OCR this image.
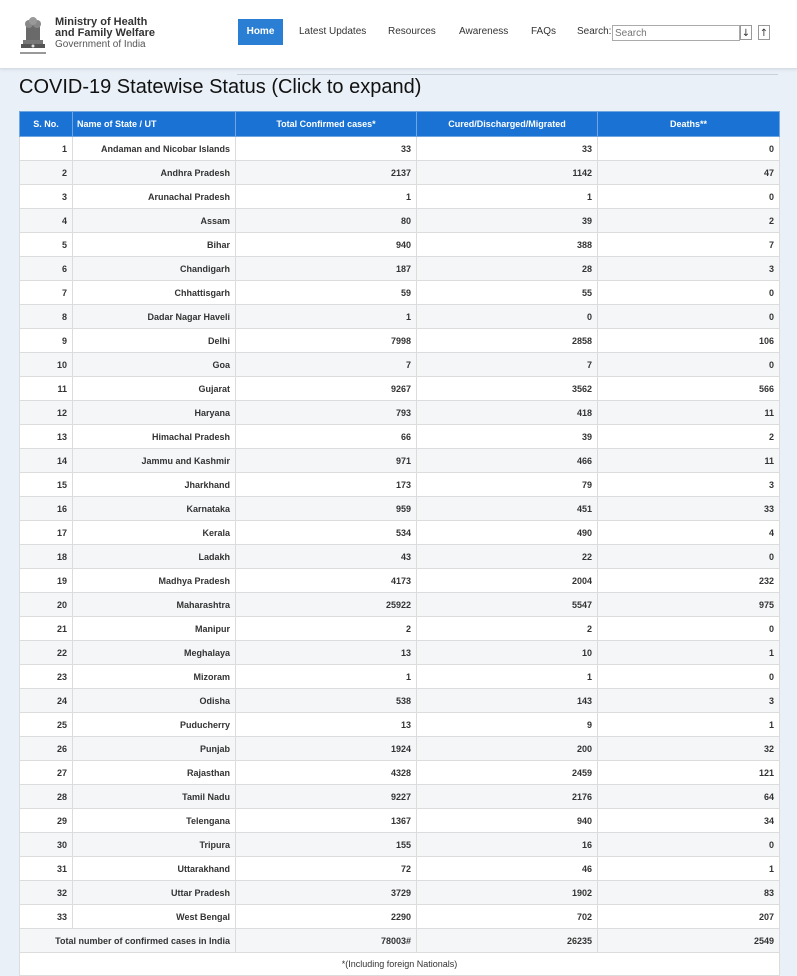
Ministry of Health
and Family Welfare
Government of India
Home	Latest Updates Resources Awareness FAQs Search:
Search	↓ ↑
COVID-19 Statewise Status (Click to expand)
S. No.	Name of State / UT	Total Confirmed cases*	Cured/Discharged/Migrated	Deaths**
1	Andaman and Nicobar Islands	33	33	0
2	Andhra Pradesh	2137	1142	47
3	Arunachal Pradesh	1	1	0
4	Assam	80	39	2
5	Bihar	940	388	7
6	Chandigarh	187	28	3
7	Chhattisgarh	59	55	0
8	Dadar Nagar Haveli	1	0	0
9	Delhi	7998	2858	106
10	Goa	7	7	0
11	Gujarat	9267	3562	566
12	Haryana	793	418	11
13	Himachal Pradesh	66	39	2
14	Jammu and Kashmir	971	466	11
15	Jharkhand	173	79	3
16	Karnataka	959	451	33
17	Kerala	534	490	4
18	Ladakh	43	22	0
19	Madhya Pradesh	4173	2004	232
20	Maharashtra	25922	5547	975
21	Manipur	2	2	0
22	Meghalaya	13	10	1
23	Mizoram	1	1	0
24	Odisha	538	143	3
25	Puducherry	13	9	1
26	Punjab	1924	200	32
27	Rajasthan	4328	2459	121
28	Tamil Nadu	9227	2176	64
29	Telengana	1367	940	34
30	Tripura	155	16	0
31	Uttarakhand	72	46	1
32	Uttar Pradesh	3729	1902	83
33	West Bengal	2290	702	207
Total number of confirmed cases in India		78003#	26235	2549
*(Including foreign Nationals)				
